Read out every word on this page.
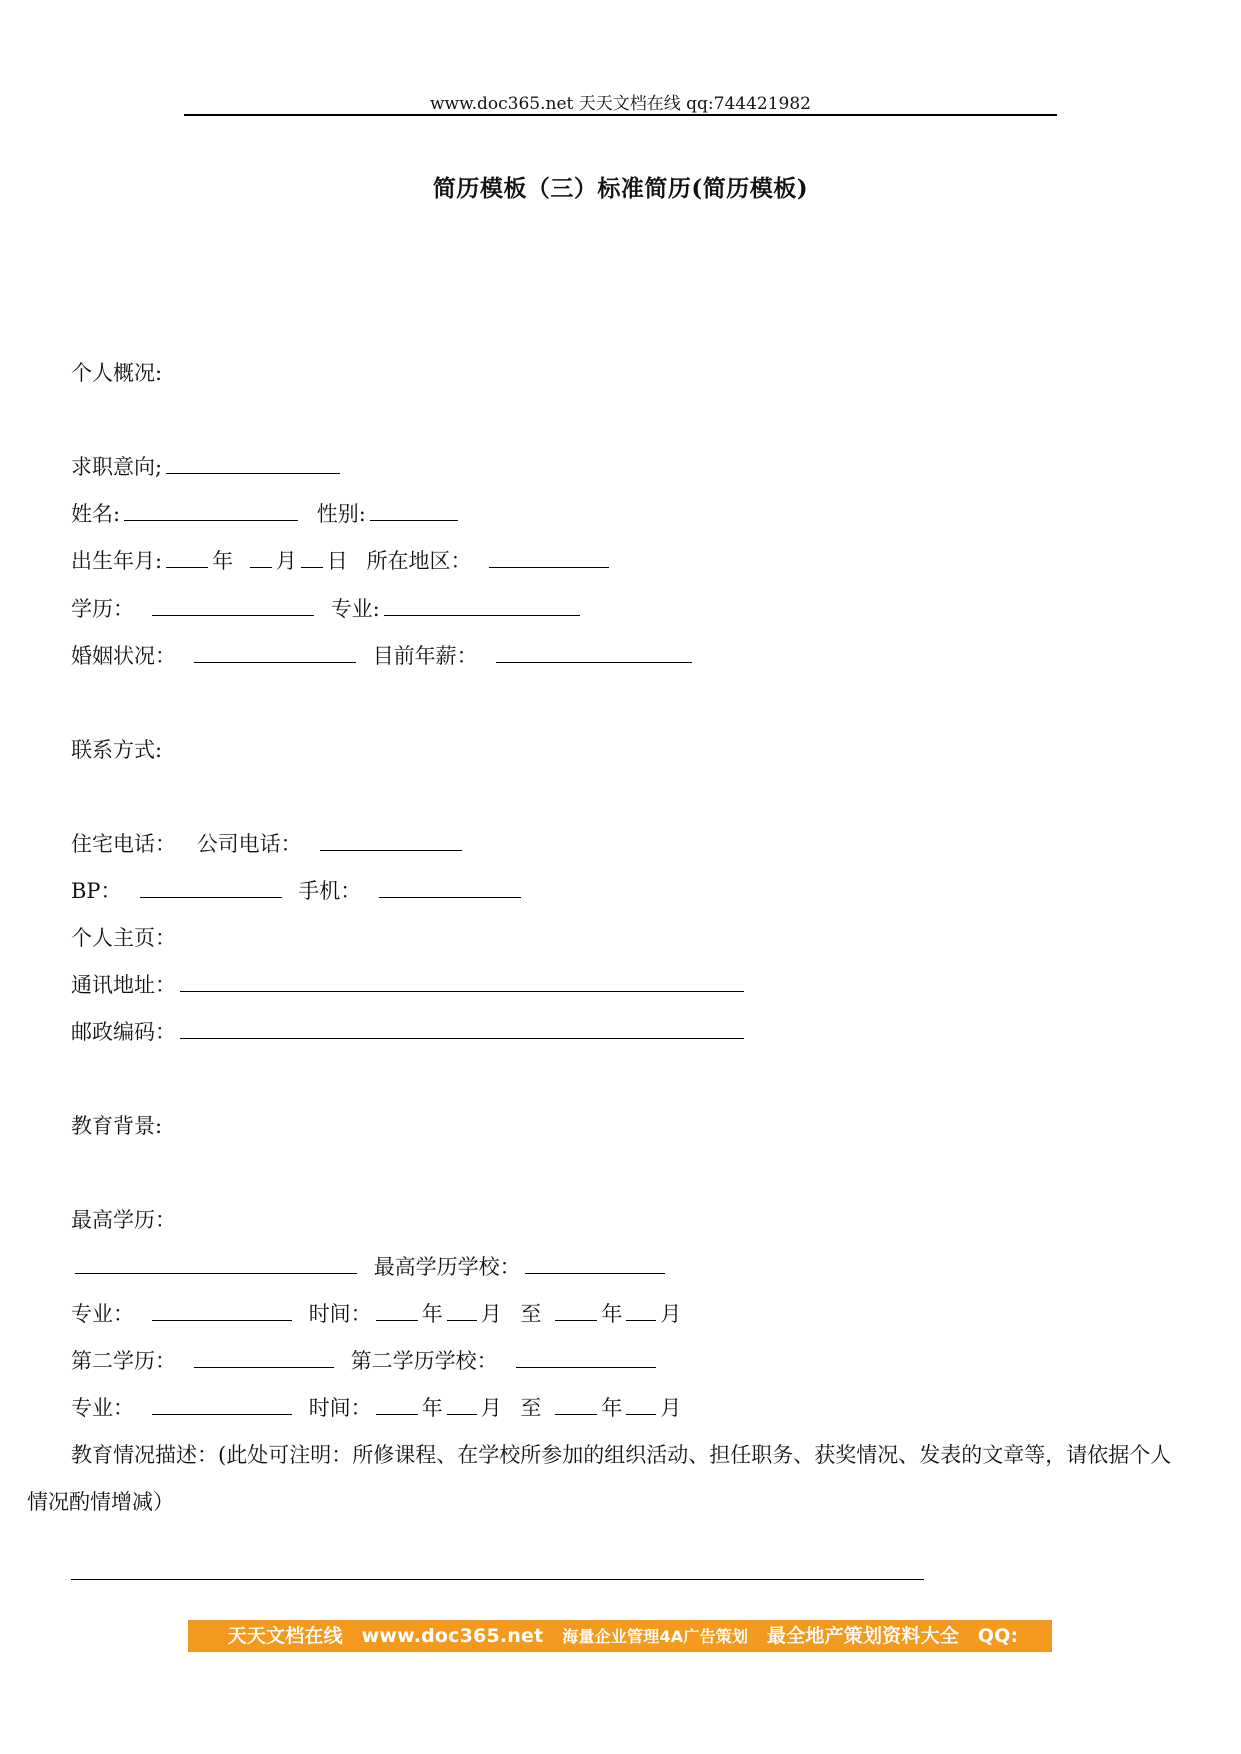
www.doc365.net 天天文档在线 qq:744421982
简历模板（三）标准简历(简历模板)
个人概况:
求职意向;
姓名:	性别:
出生年月: 年 月 日 所在地区：
学历：	专业:
婚姻状况：	目前年薪：
联系方式:
住宅电话： 公司电话：
BP：	手机：
个人主页：
通讯地址：
邮政编码：
教育背景:
最高学历：
最高学历学校：
专业：	时间： 年 月 至	年 月
第二学历：	第二学历学校：
专业：	时间： 年 月 至	年 月
教育情况描述：(此处可注明：所修课程、在学校所参加的组织活动、担任职务、获奖情况、发表的文章等，请依据个人
情况酌情增减）
天天文档在线 www.doc365.net 海量企业管理4A广告策划 最全地产策划资料大全 QQ: 744421982
